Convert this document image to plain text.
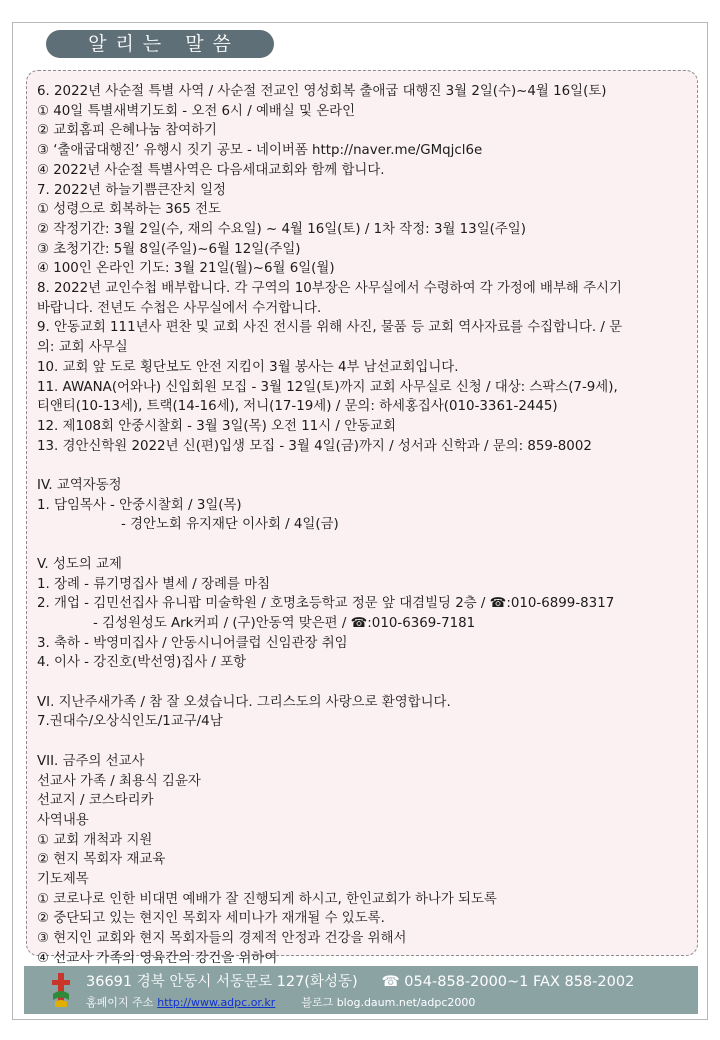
알리는 말씀
6. 2022년 사순절 특별 사역 / 사순절 전교인 영성회복 출애굽 대행진 3월 2일(수)~4월 16일(토)
① 40일 특별새벽기도회 - 오전 6시 / 예배실 및 온라인
② 교회홈피 은혜나눔 참여하기
③ ‘출애굽대행진’ 유행시 짓기 공모 - 네이버폼 http://naver.me/GMqjcl6e
④ 2022년 사순절 특별사역은 다음세대교회와 함께 합니다.
7. 2022년 하늘기쁨큰잔치 일정
① 성령으로 회복하는 365 전도
② 작정기간: 3월 2일(수, 재의 수요일) ~ 4월 16일(토) / 1차 작정: 3월 13일(주일)
③ 초청기간: 5월 8일(주일)~6월 12일(주일)
④ 100인 온라인 기도: 3월 21일(월)~6월 6일(월)
8. 2022년 교인수첩 배부합니다. 각 구역의 10부장은 사무실에서 수령하여 각 가정에 배부해 주시기
바랍니다. 전년도 수첩은 사무실에서 수거합니다.
9. 안동교회 111년사 편찬 및 교회 사진 전시를 위해 사진, 물품 등 교회 역사자료를 수집합니다. / 문
의: 교회 사무실
10. 교회 앞 도로 횡단보도 안전 지킴이 3월 봉사는 4부 남선교회입니다.
11. AWANA(어와나) 신입회원 모집 - 3월 12일(토)까지 교회 사무실로 신청 / 대상: 스팍스(7-9세),
티앤티(10-13세), 트랙(14-16세), 저니(17-19세) / 문의: 하세홍집사(010-3361-2445)
12. 제108회 안중시찰회 - 3월 3일(목) 오전 11시 / 안동교회
13. 경안신학원 2022년 신(편)입생 모집 - 3월 4일(금)까지 / 성서과 신학과 / 문의: 859-8002
IV. 교역자동정
1. 담임목사 - 안중시찰회 / 3일(목)
- 경안노회 유지재단 이사회 / 4일(금)
V. 성도의 교제
1. 장례 - 류기명집사 별세 / 장례를 마침
2. 개업 - 김민선집사 유니팝 미술학원 / 호명초등학교 정문 앞 대겸빌딩 2층 / ☎:010-6899-8317
- 김성원성도 Ark커피 / (구)안동역 맞은편 / ☎:010-6369-7181
3. 축하 - 박영미집사 / 안동시니어클럽 신임관장 취임
4. 이사 - 강진호(박선영)집사 / 포항
VI. 지난주새가족 / 참 잘 오셨습니다. 그리스도의 사랑으로 환영합니다.
7.권대수/오상식인도/1교구/4남
VII. 금주의 선교사
선교사 가족 / 최용식 김윤자
선교지 / 코스타리카
사역내용
① 교회 개척과 지원
② 현지 목회자 재교육
기도제목
① 코로나로 인한 비대면 예배가 잘 진행되게 하시고, 한인교회가 하나가 되도록
② 중단되고 있는 현지인 목회자 세미나가 재개될 수 있도록.
③ 현지인 교회와 현지 목회자들의 경제적 안정과 건강을 위해서
④ 선교사 가족의 영육간의 강건을 위하여
36691 경북 안동시 서동문로 127(화성동) ☎ 054-858-2000~1 FAX 858-2002
홈페이지 주소 http://www.adpc.or.kr 블로그 blog.daum.net/adpc2000
